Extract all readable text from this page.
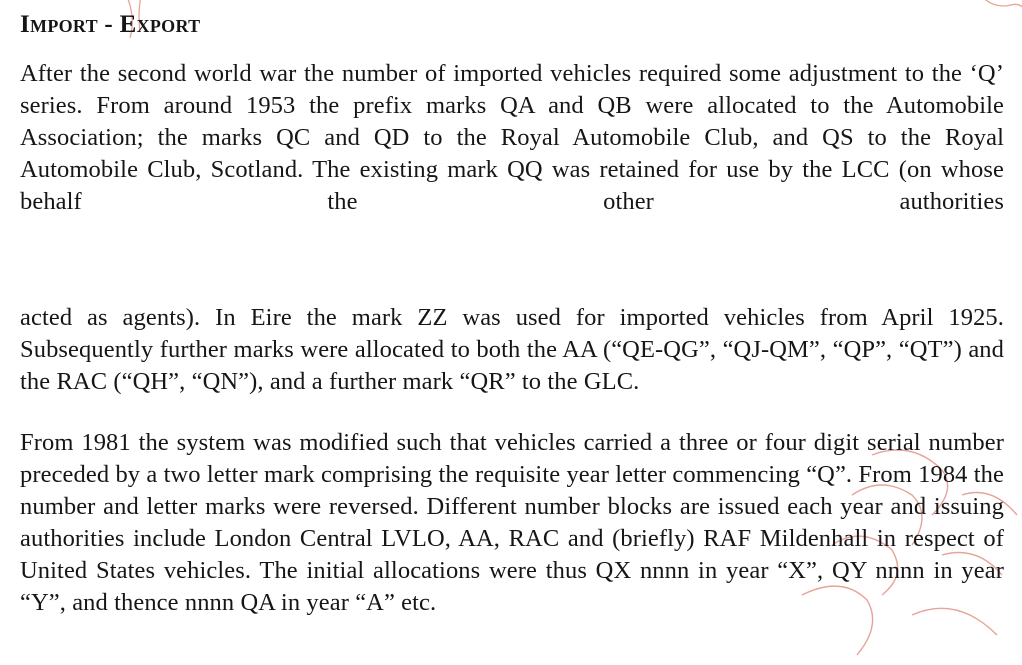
Import - Export

After the second world war the number of imported vehicles required some adjustment to the ‘Q’ series. From around 1953 the prefix marks QA and QB were allocated to the Automobile Association; the marks QC and QD to the Royal Automobile Club, and QS to the Royal Automobile Club, Scotland. The existing mark QQ was retained for use by the LCC (on whose behalf the other authorities

acted as agents). In Eire the mark ZZ was used for imported vehicles from April 1925. Subsequently further marks were allocated to both the AA (“QE-QG”, “QJ-QM”, “QP”, “QT”) and the RAC (“QH”, “QN”), and a further mark “QR” to the GLC.

From 1981 the system was modified such that vehicles carried a three or four digit serial number preceded by a two letter mark comprising the requisite year letter commencing “Q”. From 1984 the number and letter marks were reversed. Different number blocks are issued each year and issuing authorities include London Central LVLO, AA, RAC and (briefly) RAF Mildenhall in respect of United States vehicles. The initial allocations were thus QX nnnn in year “X”, QY nnnn in year “Y”, and thence nnnn QA in year “A” etc.
